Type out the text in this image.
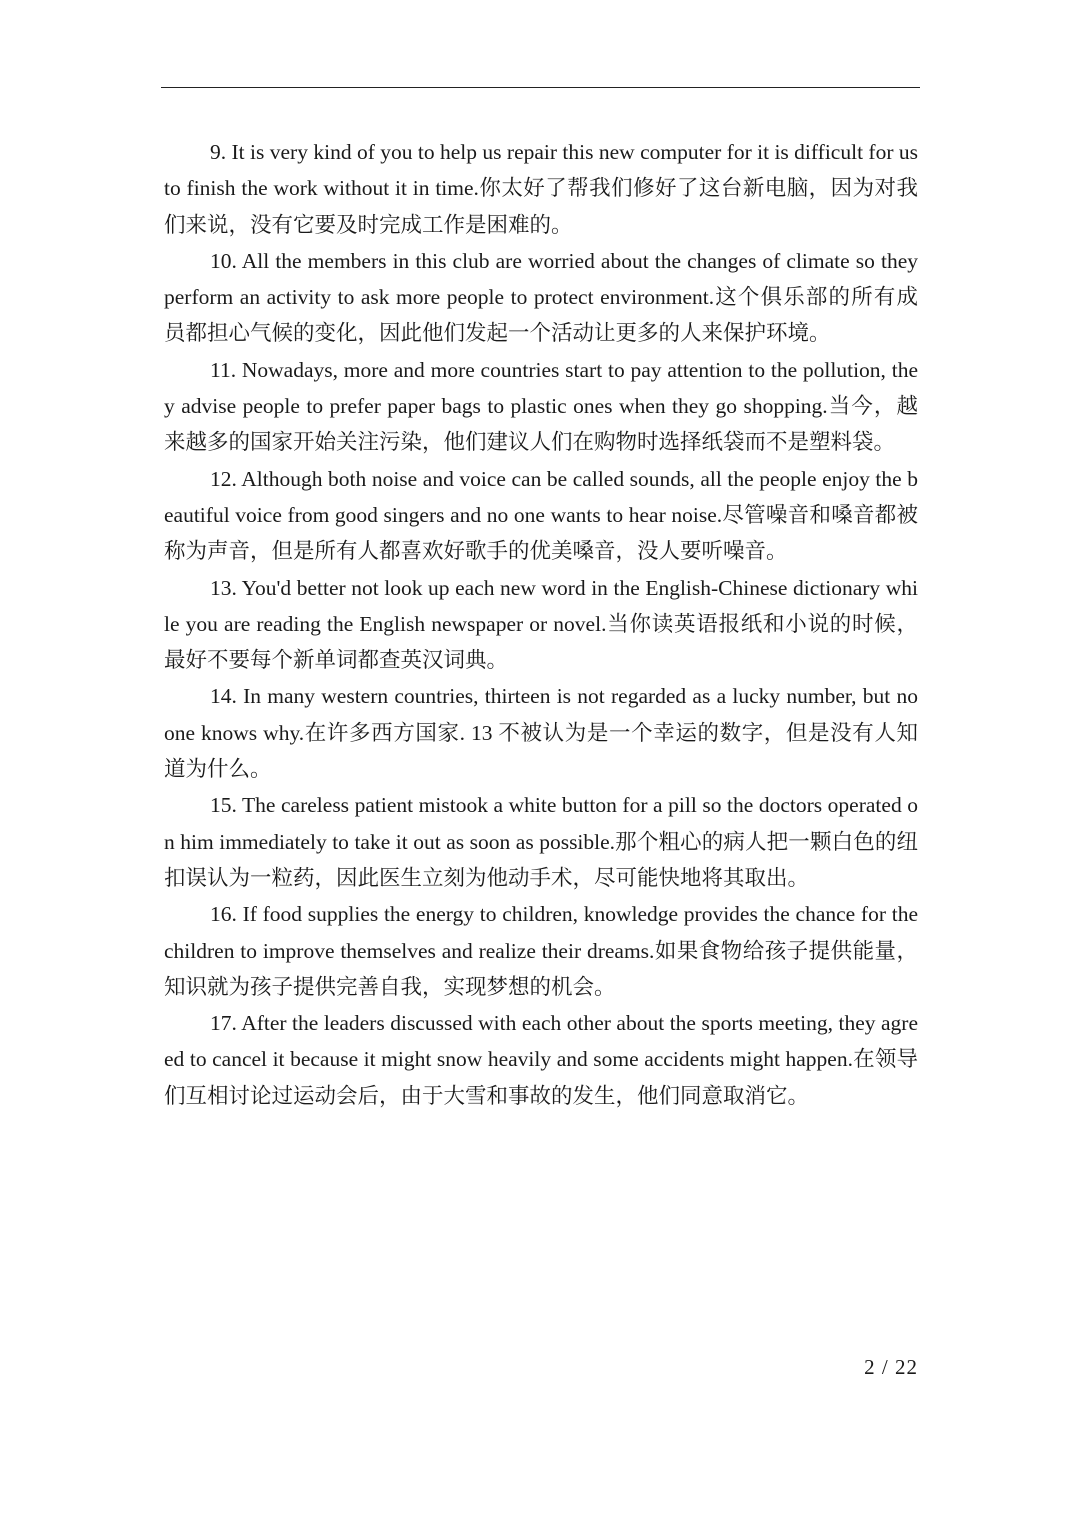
9. It is very kind of you to help us repair this new computer for it is difficult for us to finish the work without it in time.你太好了帮我们修好了这台新电脑，因为对我们来说，没有它要及时完成工作是困难的。

10. All the members in this club are worried about the changes of climate so they perform an activity to ask more people to protect environment.这个俱乐部的所有成员都担心气候的变化，因此他们发起一个活动让更多的人来保护环境。

11. Nowadays, more and more countries start to pay attention to the pollution, they advise people to prefer paper bags to plastic ones when they go shopping.当今，越来越多的国家开始关注污染，他们建议人们在购物时选择纸袋而不是塑料袋。

12. Although both noise and voice can be called sounds, all the people enjoy the beautiful voice from good singers and no one wants to hear noise.尽管噪音和嗓音都被称为声音，但是所有人都喜欢好歌手的优美嗓音，没人要听噪音。

13. You'd better not look up each new word in the English-Chinese dictionary while you are reading the English newspaper or novel.当你读英语报纸和小说的时候，最好不要每个新单词都查英汉词典。

14. In many western countries, thirteen is not regarded as a lucky number, but no one knows why.在许多西方国家. 13 不被认为是一个幸运的数字，但是没有人知道为什么。

15. The careless patient mistook a white button for a pill so the doctors operated on him immediately to take it out as soon as possible.那个粗心的病人把一颗白色的纽扣误认为一粒药，因此医生立刻为他动手术，尽可能快地将其取出。

16. If food supplies the energy to children, knowledge provides the chance for the children to improve themselves and realize their dreams.如果食物给孩子提供能量，知识就为孩子提供完善自我，实现梦想的机会。

17. After the leaders discussed with each other about the sports meeting, they agreed to cancel it because it might snow heavily and some accidents might happen.在领导们互相讨论过运动会后，由于大雪和事故的发生，他们同意取消它。

2 / 22
